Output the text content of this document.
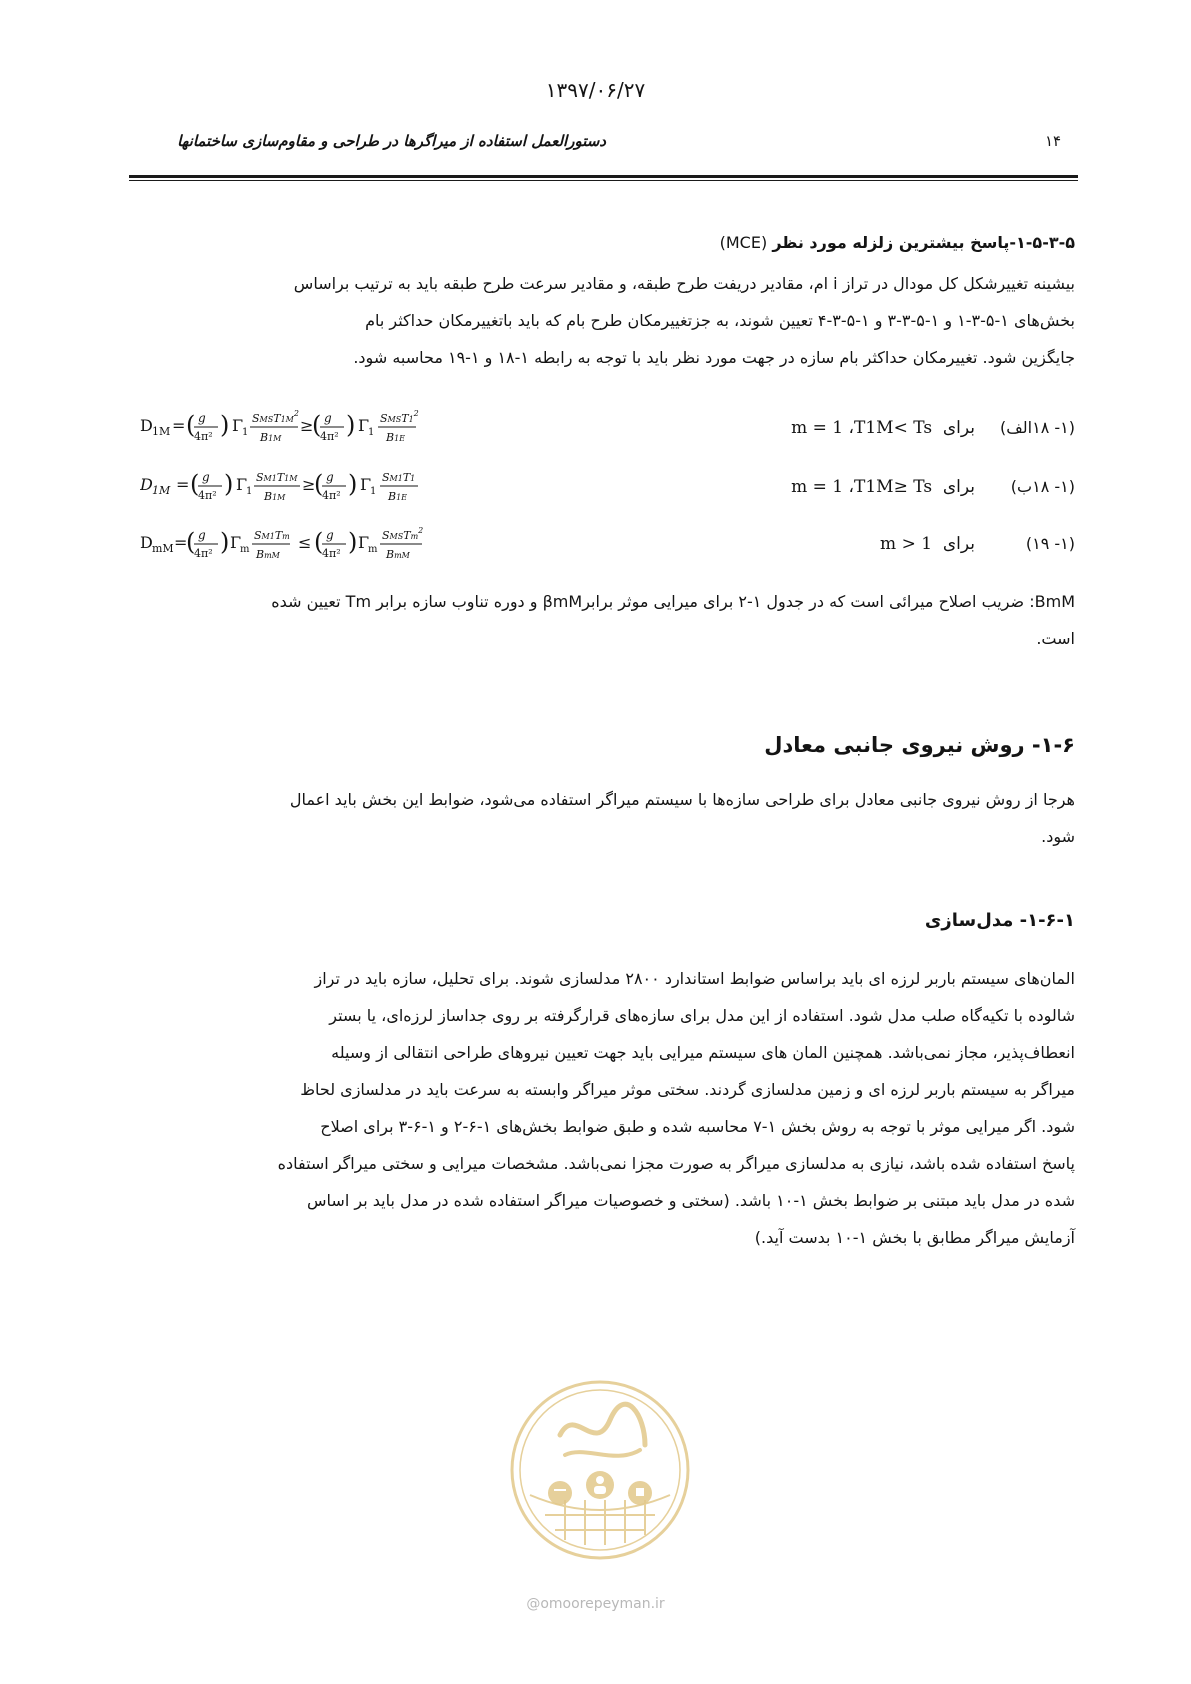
۱۳۹۷/۰۶/۲۷
دستورالعمل استفاده از میراگرها در طراحی و مقاوم‌سازی ساختمانها	۱۴
۱-۵-۳-۵-پاسخ بیشترین زلزله مورد نظر (MCE)
بیشینه تغییرشکل کل مودال در تراز i ام، مقادیر دریفت طرح طبقه، و مقادیر سرعت طرح طبقه باید به ترتیب براساس
بخش‌های ۱-۵-۳-۱ و ۱-۵-۳-۳ و ۱-۵-۳-۴ تعیین شوند، به جزتغییرمکان طرح بام که باید باتغییرمکان حداکثر بام
جایگزین شود. تغییرمکان حداکثر بام سازه در جهت مورد نظر باید با توجه به رابطه ۱-۱۸ و ۱-۱۹ محاسبه شود.
D 1M = ( g
4π² ) Γ
1
$SMST1M^2$
B1M
≥
( g
4π² ) Γ
1
$SMST1^2$
B1E
برای  m = 1 ،T1M< Ts	(۱- ۱۸الف)
D 1M = ( g
4π² ) Γ
1
SM1T1M
B1M
≥
( g
4π² ) Γ
1
SM1T1
B1E
برای  m = 1 ،T1M≥ Ts	(۱- ۱۸ب)
D mM =
( g
4π² ) Γ
m
SM1Tm
BmM
≤ ( g
4π² ) Γ
m
SMSTm$^2$
BmM
برای  m > 1	(۱- ۱۹)
BmM: ضریب اصلاح میرائی است که در جدول ۱-۲ برای میرایی موثر برابرβmM و دوره تناوب سازه برابر Tm تعیین شده
است.
۱-۶- روش نیروی جانبی معادل
هرجا از روش نیروی جانبی معادل برای طراحی سازه‌ها با سیستم میراگر استفاده می‌شود، ضوابط این بخش باید اعمال
شود.
۱-۶-۱- مدل‌سازی
المان‌های سیستم باربر لرزه ای باید براساس ضوابط استاندارد ۲۸۰۰ مدلسازی شوند. برای تحلیل، سازه باید در تراز
شالوده با تکیه‌گاه صلب مدل شود. استفاده از این مدل برای سازه‌های قرارگرفته بر روی جداساز لرزه‌ای، یا بستر
انعطاف‌پذیر، مجاز نمی‌باشد. همچنین المان های سیستم میرایی باید جهت تعیین نیروهای طراحی انتقالی از وسیله
میراگر به سیستم باربر لرزه ای و زمین مدلسازی گردند. سختی موثر میراگر وابسته به سرعت باید در مدلسازی لحاظ
شود. اگر میرایی موثر با توجه به روش بخش ۱-۷ محاسبه شده و طبق ضوابط بخش‌های ۱-۶-۲ و ۱-۶-۳ برای اصلاح
پاسخ استفاده شده باشد، نیازی به مدلسازی میراگر به صورت مجزا نمی‌باشد. مشخصات میرایی و سختی میراگر استفاده
شده در مدل باید مبتنی بر ضوابط بخش ۱-۱۰ باشد. (سختی و خصوصیات میراگر استفاده شده در مدل باید بر اساس
آزمایش میراگر مطابق با بخش ۱-۱۰ بدست آید.)
@omoorepeyman.ir
